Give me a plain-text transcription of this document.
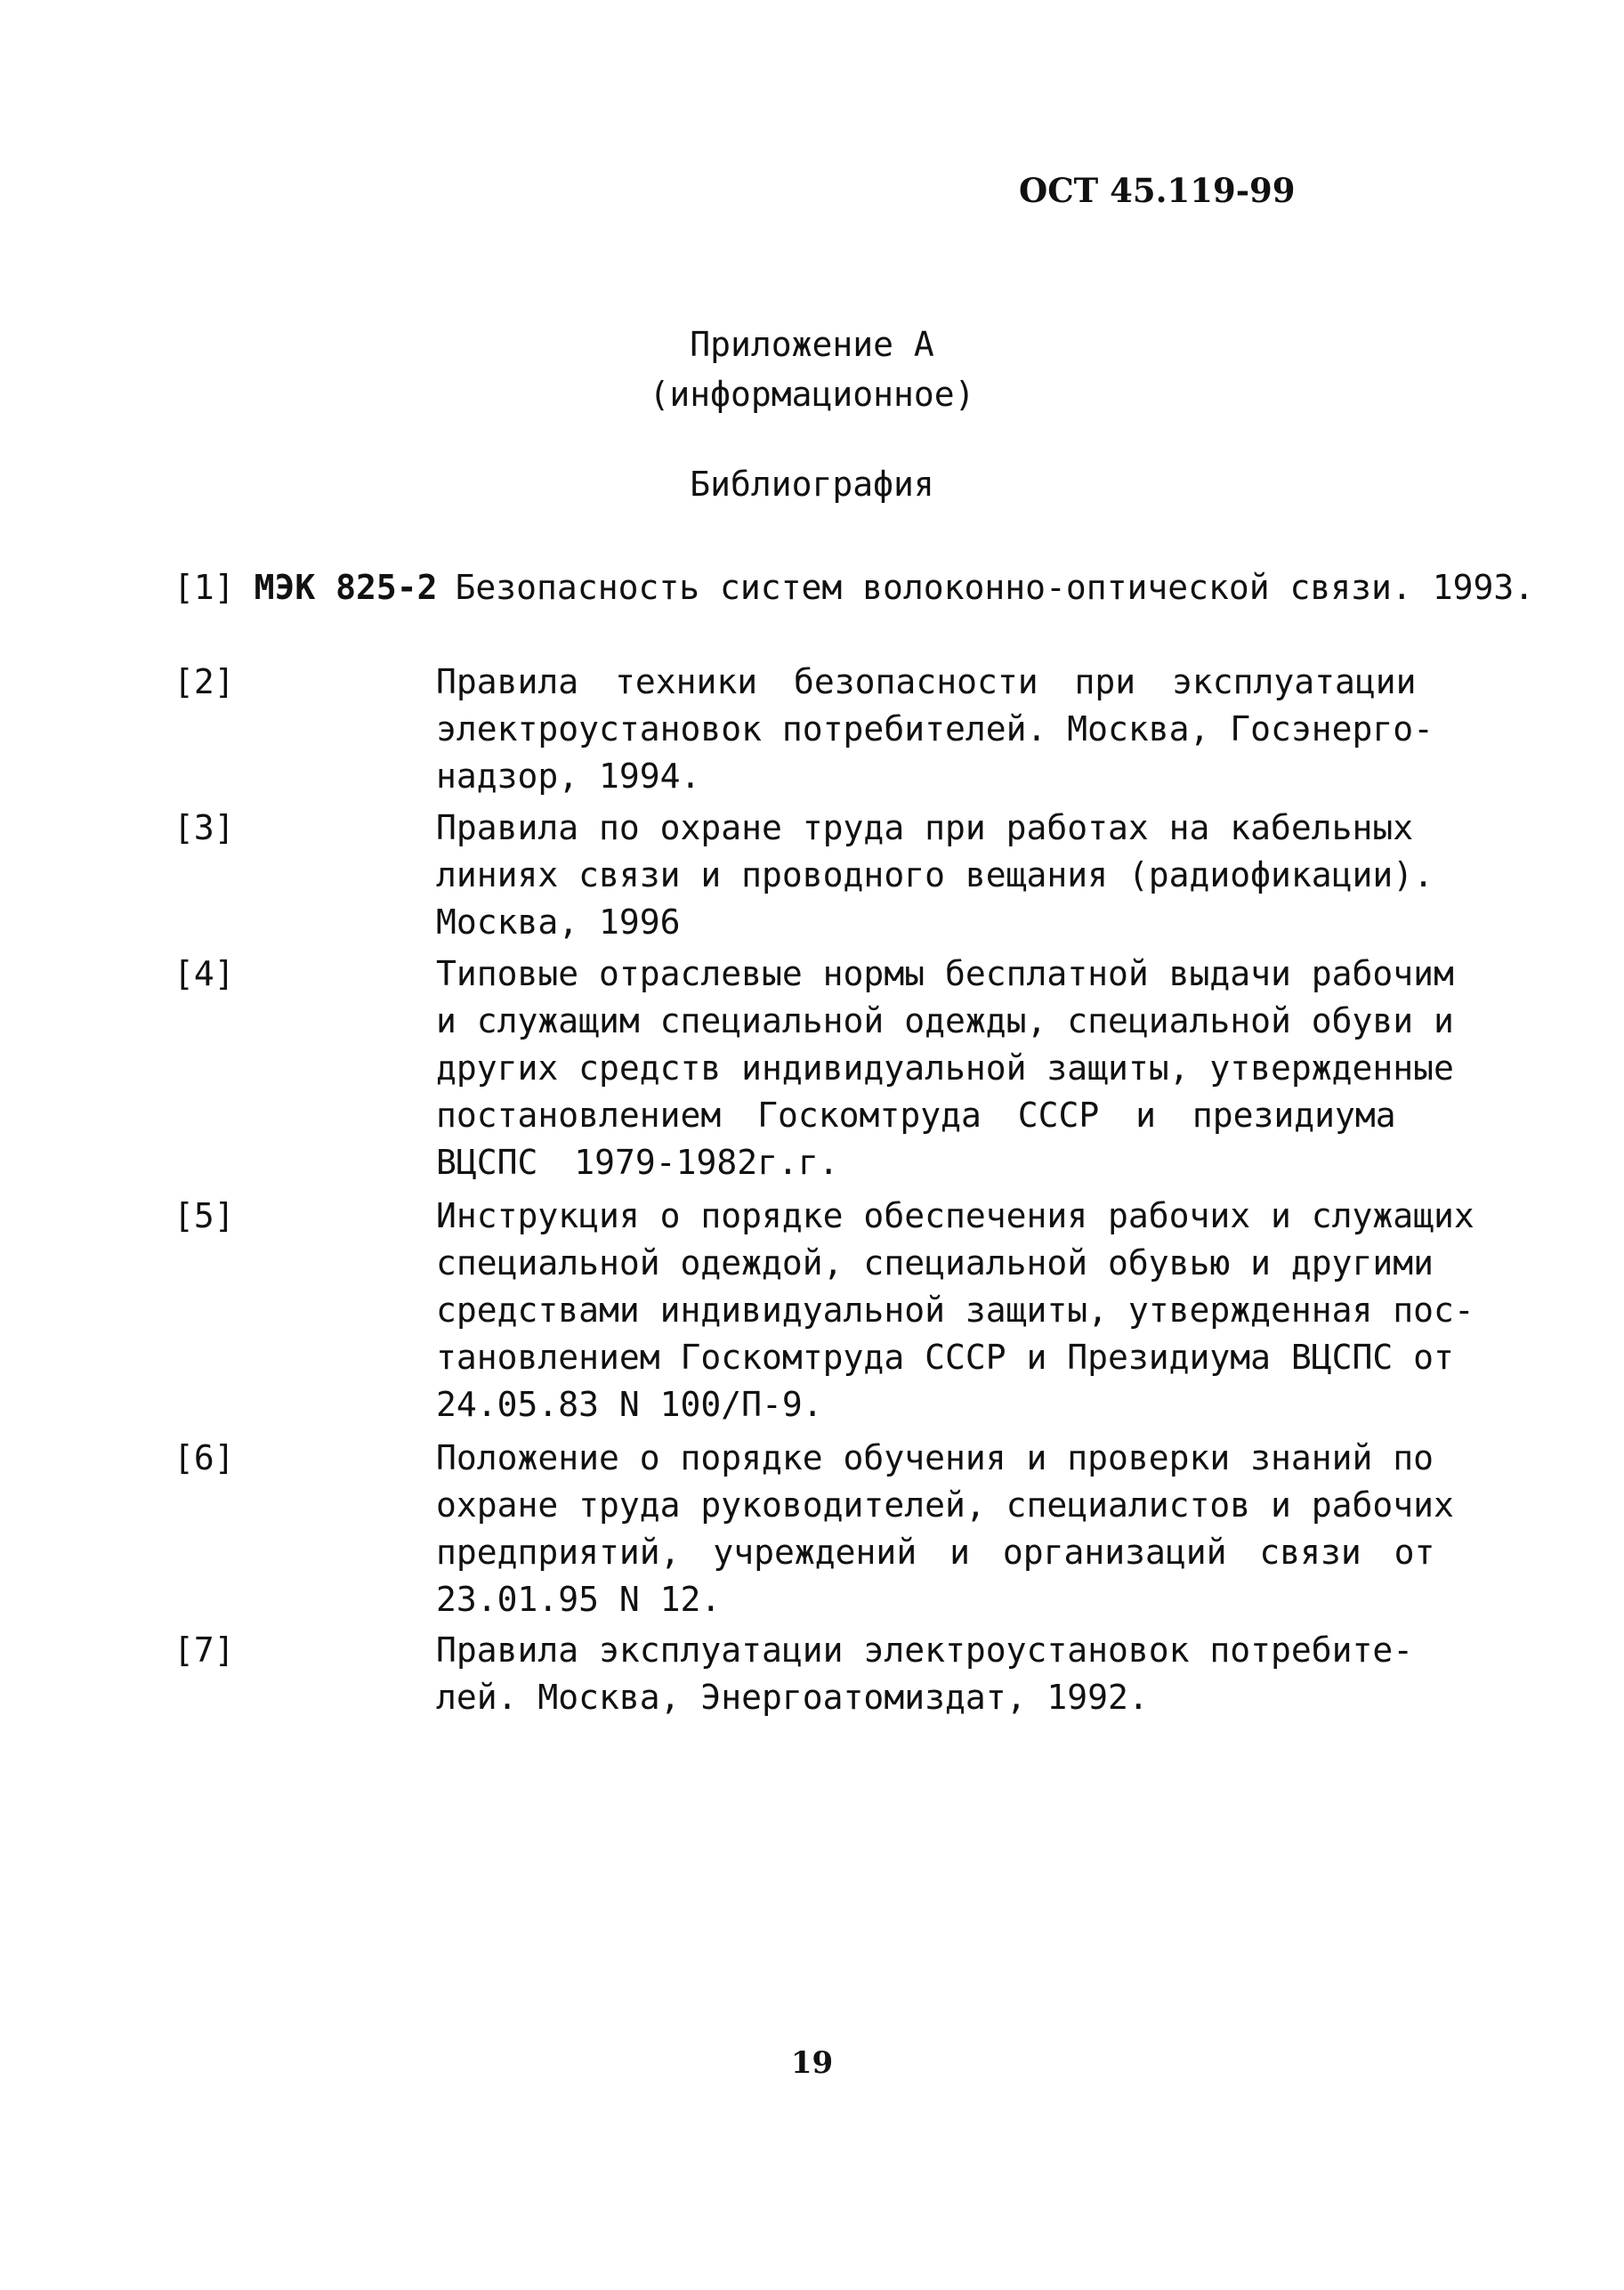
ОСТ 45.119-99
Приложение А
(информационное)
Библиография
[1] МЭК 825-2 Безопасность систем волоконно-оптической связи. 1993.
[2]	Правила техники безопасности при эксплуатации
электроустановок потребителей. Москва, Госэнерго-
надзор, 1994.
[3]	Правила по охране труда при работах на кабельных
линиях связи и проводного вещания (радиофикации).
Москва, 1996
[4]	Типовые отраслевые нормы бесплатной выдачи рабочим
и служащим специальной одежды, специальной обуви и
других средств индивидуальной защиты, утвержденные
постановлением Госкомтруда СССР и президиума
ВЦСПС 1979-1982г.г.
[5]	Инструкция о порядке обеспечения рабочих и служащих
специальной одеждой, специальной обувью и другими
средствами индивидуальной защиты, утвержденная пос-
тановлением Госкомтруда СССР и Президиума ВЦСПС от
24.05.83 N 100/П-9.
[6]	Положение о порядке обучения и проверки знаний по
охране труда руководителей, специалистов и рабочих
предприятий, учреждений и организаций связи от
23.01.95 N 12.
[7]	Правила эксплуатации электроустановок потребите-
лей. Москва, Энергоатомиздат, 1992.
19
